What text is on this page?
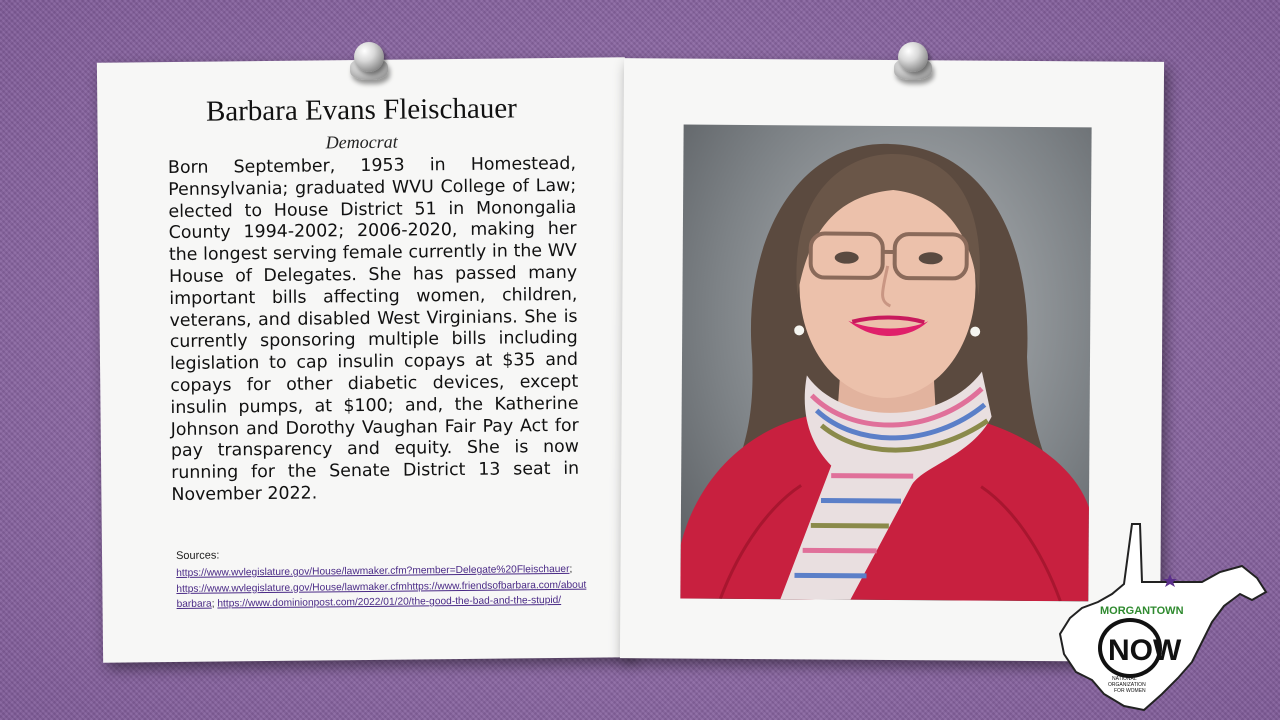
Barbara Evans Fleischauer
Democrat
Born September, 1953 in Homestead, Pennsylvania; graduated WVU College of Law; elected to House District 51 in Monongalia County 1994-2002; 2006-2020, making her the longest serving female currently in the WV House of Delegates. She has passed many important bills affecting women, children, veterans, and disabled West Virginians. She is currently sponsoring multiple bills including legislation to cap insulin copays at $35 and copays for other diabetic devices, except insulin pumps, at $100; and, the Katherine Johnson and Dorothy Vaughan Fair Pay Act for pay transparency and equity. She is now running for the Senate District 13 seat in November 2022.
Sources:
https://www.wvlegislature.gov/House/lawmaker.cfm?member=Delegate%20Fleischauer;
https://www.wvlegislature.gov/House/lawmaker.cfmhttps://www.friendsofbarbara.com/aboutbarbara; https://www.dominionpost.com/2022/01/20/the-good-the-bad-and-the-stupid/
MORGANTOWN
NOW
NATIONAL
ORGANIZATION
FOR WOMEN
